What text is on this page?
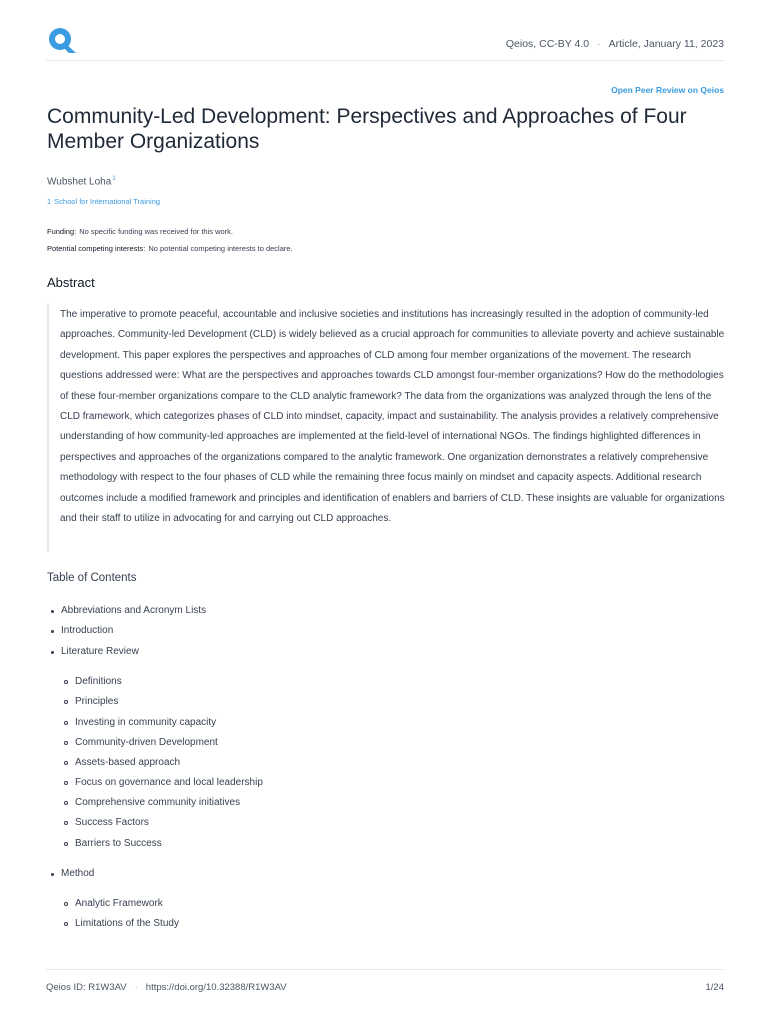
Qeios, CC-BY 4.0 · Article, January 11, 2023
Open Peer Review on Qeios
Community-Led Development: Perspectives and Approaches of Four Member Organizations
Wubshet Loha$^1$
1 School for International Training
Funding: No specific funding was received for this work.
Potential competing interests: No potential competing interests to declare.
Abstract

The imperative to promote peaceful, accountable and inclusive societies and institutions has increasingly resulted in the adoption of community-led approaches. Community-led Development (CLD) is widely believed as a crucial approach for communities to alleviate poverty and achieve sustainable development. This paper explores the perspectives and approaches of CLD among four member organizations of the movement. The research questions addressed were: What are the perspectives and approaches towards CLD amongst four-member organizations? How do the methodologies of these four-member organizations compare to the CLD analytic framework? The data from the organizations was analyzed through the lens of the CLD framework, which categorizes phases of CLD into mindset, capacity, impact and sustainability. The analysis provides a relatively comprehensive understanding of how community-led approaches are implemented at the field-level of international NGOs. The findings highlighted differences in perspectives and approaches of the organizations compared to the analytic framework. One organization demonstrates a relatively comprehensive methodology with respect to the four phases of CLD while the remaining three focus mainly on mindset and capacity aspects. Additional research outcomes include a modified framework and principles and identification of enablers and barriers of CLD. These insights are valuable for organizations and their staff to utilize in advocating for and carrying out CLD approaches.

Table of Contents
Abbreviations and Acronym Lists
Introduction
Literature Review
Definitions
Principles
Investing in community capacity
Community-driven Development
Assets-based approach
Focus on governance and local leadership
Comprehensive community initiatives
Success Factors
Barriers to Success
Method
Analytic Framework
Limitations of the Study
Qeios ID: R1W3AV · https://doi.org/10.32388/R1W3AV	1/24
